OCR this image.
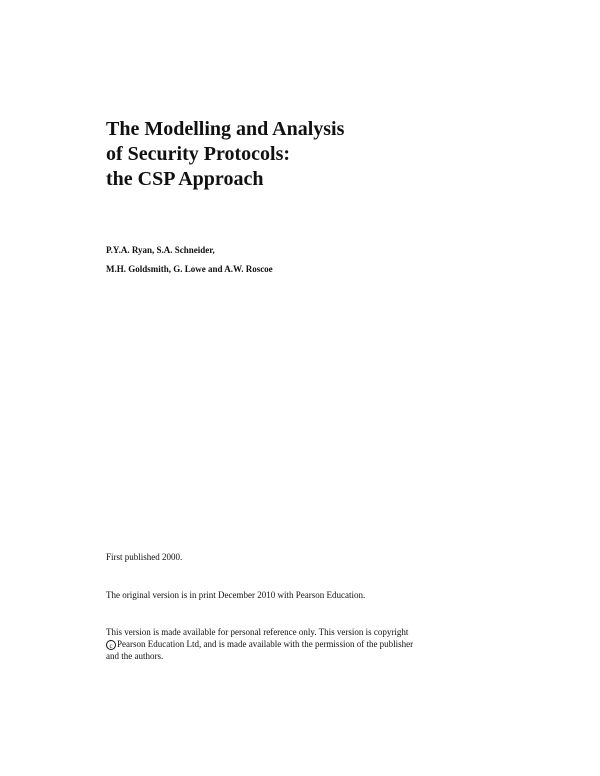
The Modelling and Analysis
of Security Protocols:
the CSP Approach
P.Y.A. Ryan, S.A. Schneider,
M.H. Goldsmith, G. Lowe and A.W. Roscoe
First published 2000.
The original version is in print December 2010 with Pearson Education.
This version is made available for personal reference only. This version is copyright
c Pearson Education Ltd, and is made available with the permission of the publisher
and the authors.
